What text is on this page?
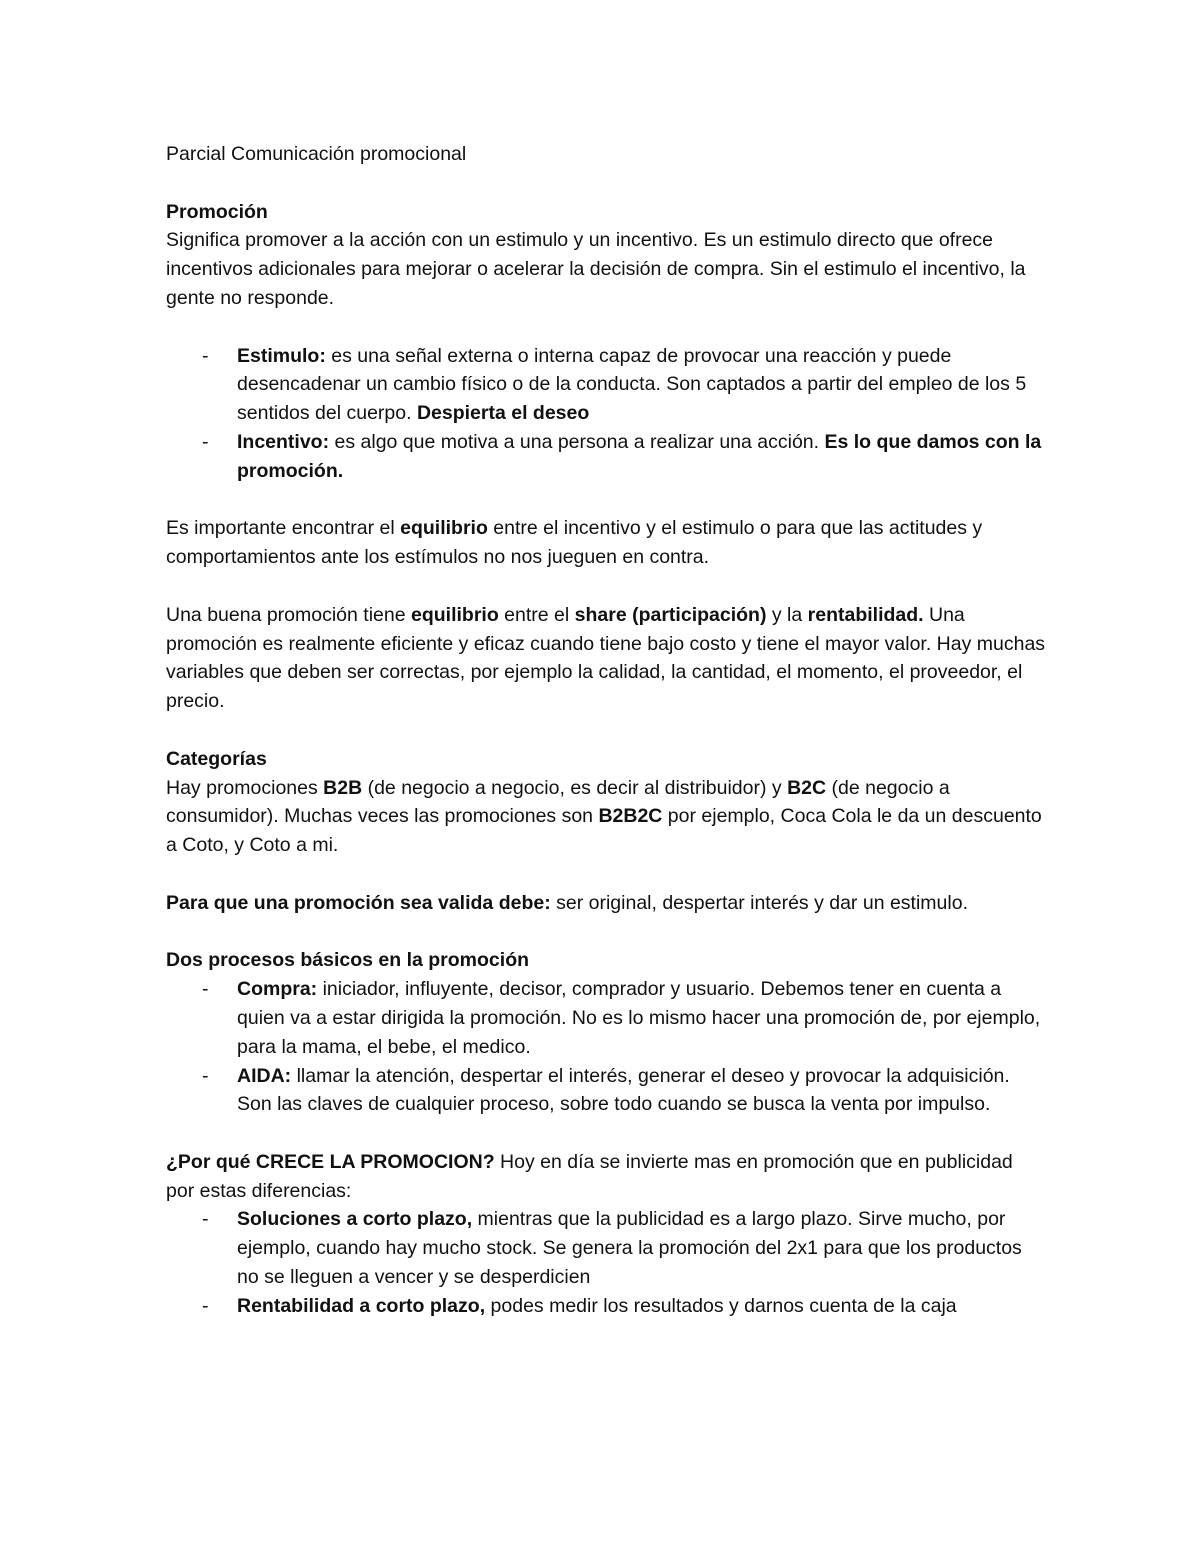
Parcial Comunicación promocional

Promoción

Significa promover a la acción con un estimulo y un incentivo. Es un estimulo directo que ofrece incentivos adicionales para mejorar o acelerar la decisión de compra. Sin el estimulo el incentivo, la gente no responde.

- Estimulo: es una señal externa o interna capaz de provocar una reacción y puede desencadenar un cambio físico o de la conducta. Son captados a partir del empleo de los 5 sentidos del cuerpo. Despierta el deseo
- Incentivo: es algo que motiva a una persona a realizar una acción. Es lo que damos con la promoción.

Es importante encontrar el equilibrio entre el incentivo y el estimulo o para que las actitudes y comportamientos ante los estímulos no nos jueguen en contra.

Una buena promoción tiene equilibrio entre el share (participación) y la rentabilidad. Una promoción es realmente eficiente y eficaz cuando tiene bajo costo y tiene el mayor valor. Hay muchas variables que deben ser correctas, por ejemplo la calidad, la cantidad, el momento, el proveedor, el precio.

Categorías

Hay promociones B2B (de negocio a negocio, es decir al distribuidor) y B2C (de negocio a consumidor). Muchas veces las promociones son B2B2C por ejemplo, Coca Cola le da un descuento a Coto, y Coto a mi.

Para que una promoción sea valida debe: ser original, despertar interés y dar un estimulo.

Dos procesos básicos en la promoción

- Compra: iniciador, influyente, decisor, comprador y usuario. Debemos tener en cuenta a quien va a estar dirigida la promoción. No es lo mismo hacer una promoción de, por ejemplo, para la mama, el bebe, el medico.
- AIDA: llamar la atención, despertar el interés, generar el deseo y provocar la adquisición. Son las claves de cualquier proceso, sobre todo cuando se busca la venta por impulso.

¿Por qué CRECE LA PROMOCION? Hoy en día se invierte mas en promoción que en publicidad por estas diferencias:

- Soluciones a corto plazo, mientras que la publicidad es a largo plazo. Sirve mucho, por ejemplo, cuando hay mucho stock. Se genera la promoción del 2x1 para que los productos no se lleguen a vencer y se desperdicien
- Rentabilidad a corto plazo, podes medir los resultados y darnos cuenta de la caja
